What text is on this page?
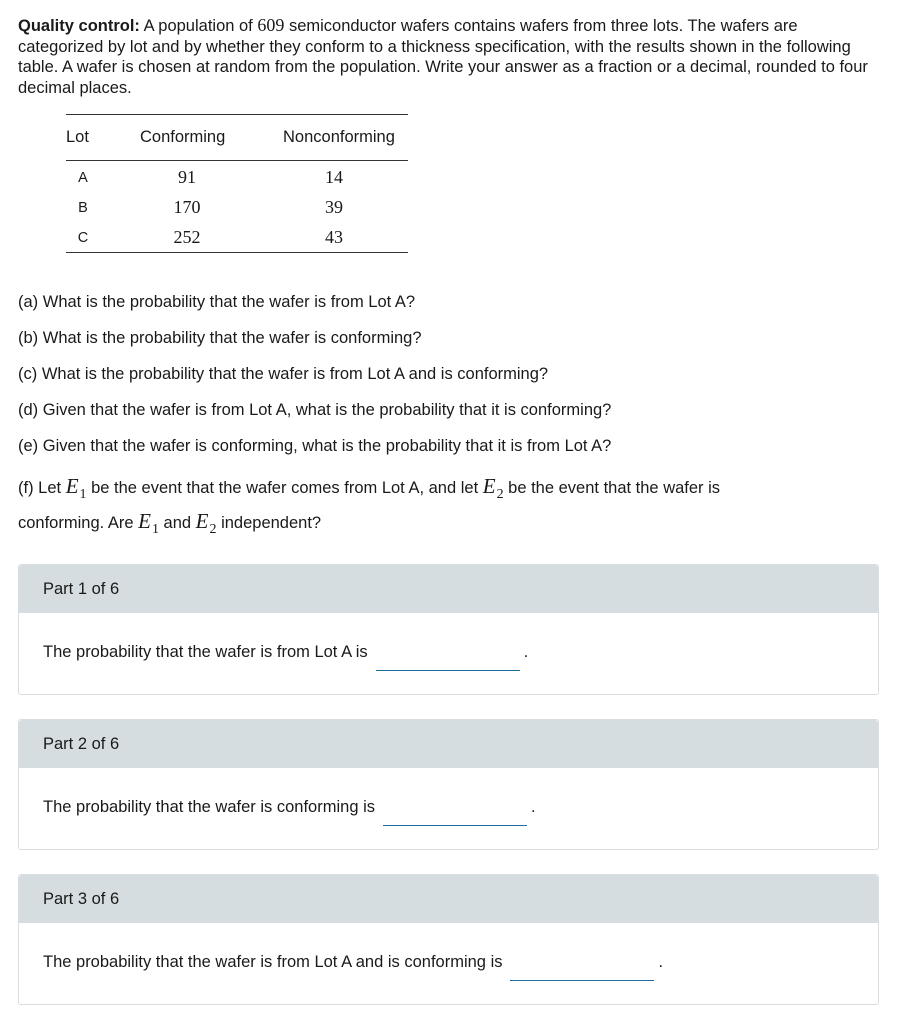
Quality control: A population of 609 semiconductor wafers contains wafers from three lots. The wafers are categorized by lot and by whether they conform to a thickness specification, with the results shown in the following table. A wafer is chosen at random from the population. Write your answer as a fraction or a decimal, rounded to four decimal places.
Lot	Conforming	Nonconforming
A	91	14
B	170	39
C	252	43
(a) What is the probability that the wafer is from Lot A?
(b) What is the probability that the wafer is conforming?
(c) What is the probability that the wafer is from Lot A and is conforming?
(d) Given that the wafer is from Lot A, what is the probability that it is conforming?
(e) Given that the wafer is conforming, what is the probability that it is from Lot A?
(f) Let $E_1$ be the event that the wafer comes from Lot A, and let $E_2$ be the event that the wafer is
conforming. Are $E_1$ and $E_2$ independent?
Part 1 of 6
The probability that the wafer is from Lot A is	.
Part 2 of 6
The probability that the wafer is conforming is	.
Part 3 of 6
The probability that the wafer is from Lot A and is conforming is	.
